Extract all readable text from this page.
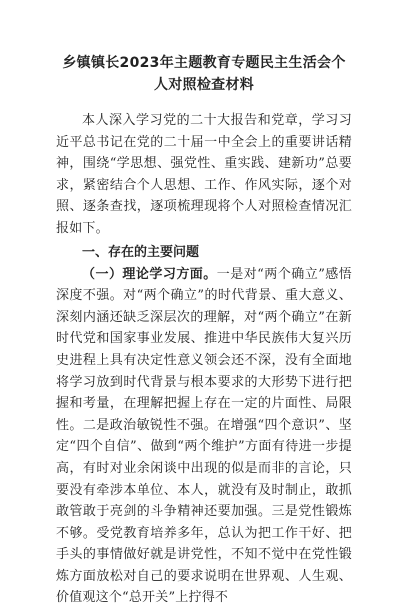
乡镇镇长2023年主题教育专题民主生活会个人对照检查材料

本人深入学习党的二十大报告和党章，学习习近平总书记在党的二十届一中全会上的重要讲话精神，围绕“学思想、强党性、重实践、建新功”总要求，紧密结合个人思想、工作、作风实际，逐个对照、逐条查找，逐项梳理现将个人对照检查情况汇报如下。

一、存在的主要问题

（一）理论学习方面。一是对“两个确立”感悟深度不强。对“两个确立”的时代背景、重大意义、深刻内涵还缺乏深层次的理解，对“两个确立”在新时代党和国家事业发展、推进中华民族伟大复兴历史进程上具有决定性意义领会还不深，没有全面地将学习放到时代背景与根本要求的大形势下进行把握和考量，在理解把握上存在一定的片面性、局限性。二是政治敏锐性不强。在增强“四个意识”、坚定“四个自信”、做到“两个维护”方面有待进一步提高，有时对业余闲谈中出现的似是而非的言论，只要没有牵涉本单位、本人，就没有及时制止，敢抓敢管敢于亮剑的斗争精神还要加强。三是党性锻炼不够。受党教育培养多年，总认为把工作干好、把手头的事情做好就是讲党性，不知不觉中在党性锻炼方面放松对自己的要求说明在世界观、人生观、价值观这个“总开关”上拧得不
